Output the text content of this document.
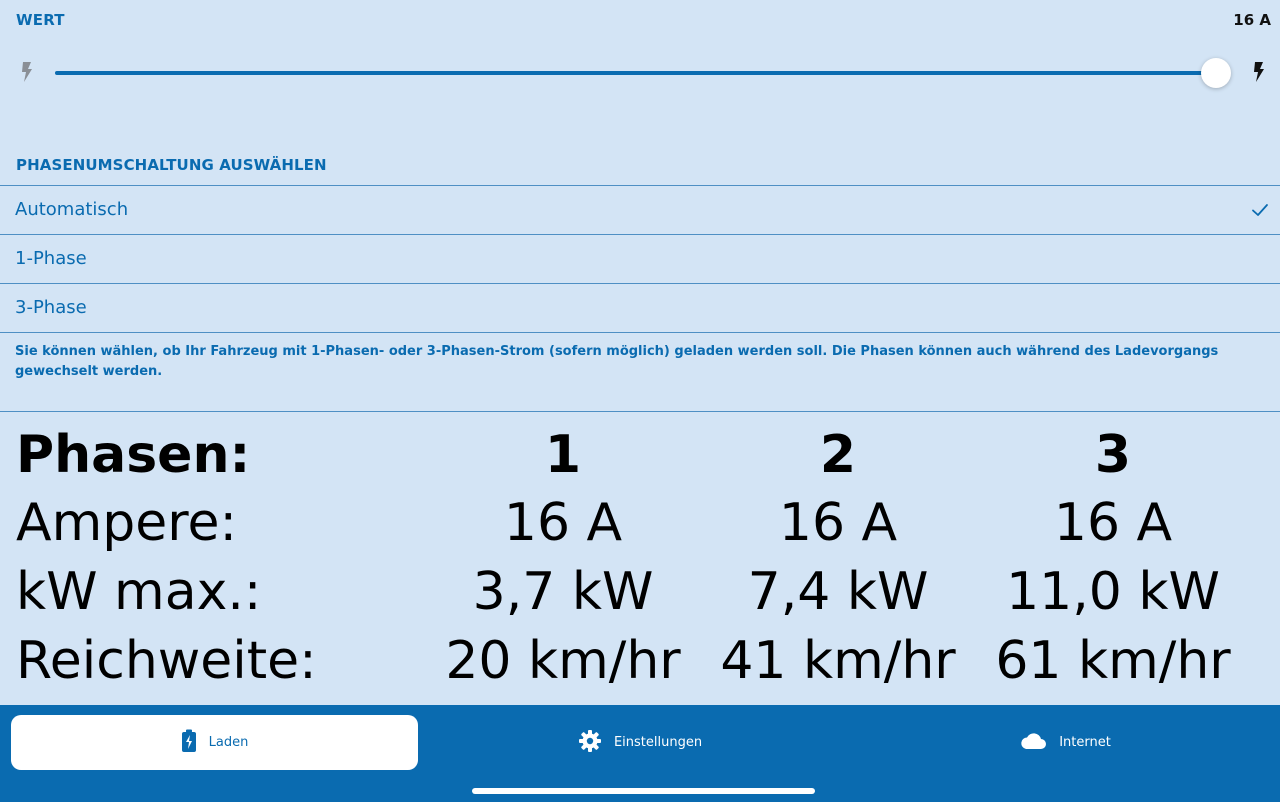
WERT	16 A
PHASENUMSCHALTUNG AUSWÄHLEN
Automatisch
1-Phase
3-Phase
Sie können wählen, ob Ihr Fahrzeug mit 1-Phasen- oder 3-Phasen-Strom (sofern möglich) geladen werden soll. Die Phasen können auch während des Ladevorgangs gewechselt werden.
Phasen:	1	2	3
Ampere:	16 A	16 A	16 A
kW max.:	3,7 kW	7,4 kW	11,0 kW
Reichweite: 20 km/hr 41 km/hr 61 km/hr
Laden	Einstellungen	Internet
